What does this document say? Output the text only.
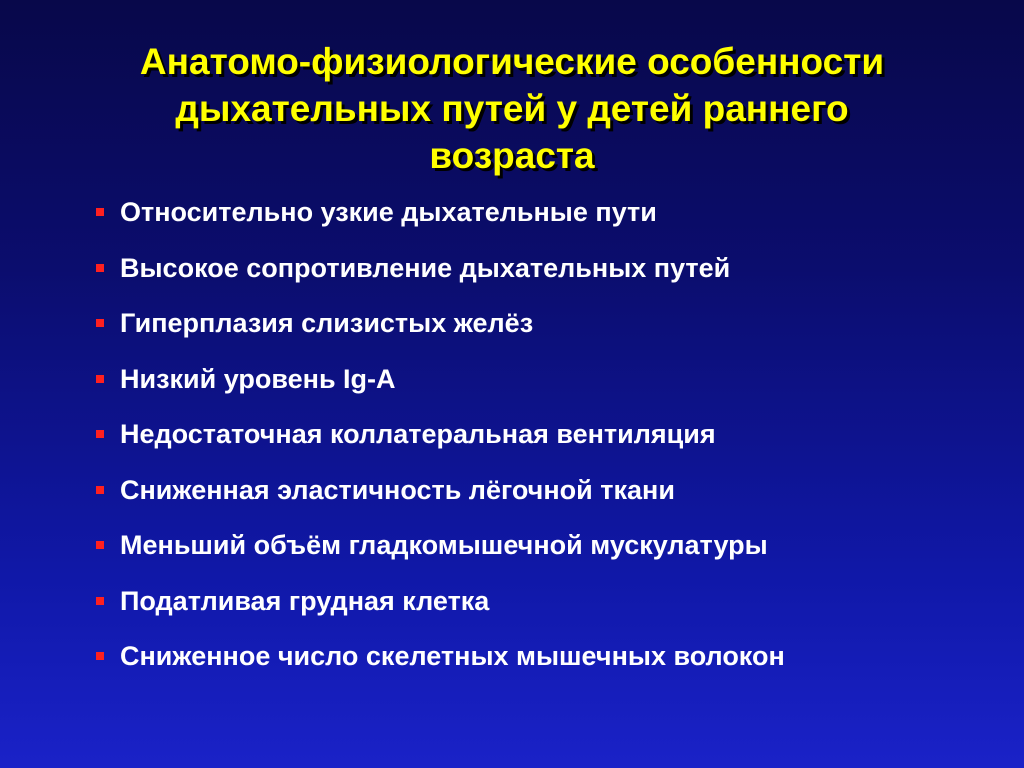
Анатомо-физиологические особенности
дыхательных путей у детей раннего
возраста
Относительно узкие дыхательные пути
Высокое сопротивление дыхательных путей
Гиперплазия слизистых желёз
Низкий уровень Ig-A
Недостаточная коллатеральная вентиляция
Сниженная эластичность лёгочной ткани
Меньший объём гладкомышечной мускулатуры
Податливая грудная клетка
Сниженное число скелетных мышечных волокон
